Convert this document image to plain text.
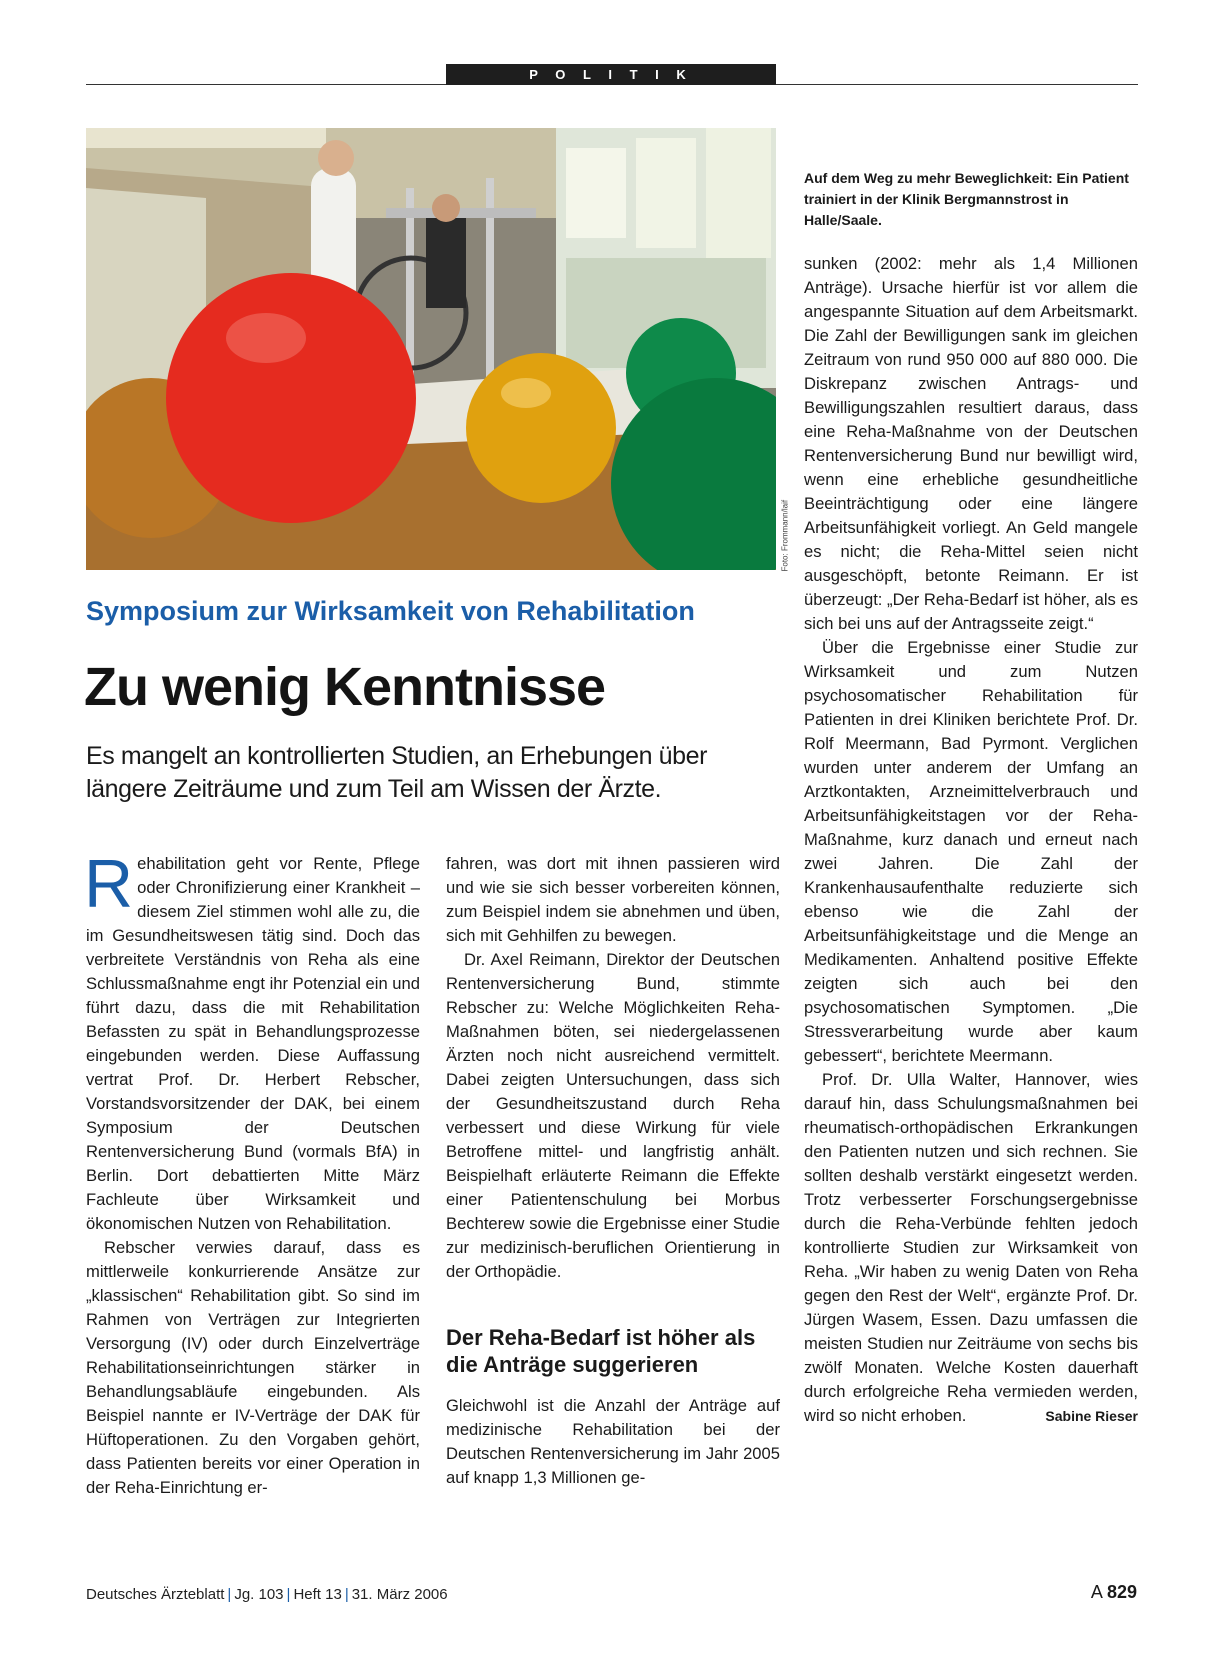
P O L I T I K
Foto: Frommann/laif
Auf dem Weg zu mehr Beweglichkeit: Ein Patient trainiert in der Klinik Bergmannstrost in Halle/Saale.
Symposium zur Wirksamkeit von Rehabilitation
Zu wenig Kenntnisse
Es mangelt an kontrollierten Studien, an Erhebungen über längere Zeiträume und zum Teil am Wissen der Ärzte.

Rehabilitation geht vor Rente, Pflege oder Chronifizierung einer Krankheit – diesem Ziel stimmen wohl alle zu, die im Gesundheitswesen tätig sind. Doch das verbreitete Verständnis von Reha als eine Schlussmaßnahme engt ihr Potenzial ein und führt dazu, dass die mit Rehabilitation Befassten zu spät in Behandlungsprozesse eingebunden werden. Diese Auffassung vertrat Prof. Dr. Herbert Rebscher, Vorstandsvorsitzender der DAK, bei einem Symposium der Deutschen Rentenversicherung Bund (vormals BfA) in Berlin. Dort debattierten Mitte März Fachleute über Wirksamkeit und ökonomischen Nutzen von Rehabilitation.

Rebscher verwies darauf, dass es mittlerweile konkurrierende Ansätze zur „klassischen“ Rehabilitation gibt. So sind im Rahmen von Verträgen zur Integrierten Versorgung (IV) oder durch Einzelverträge Rehabilitationseinrichtungen stärker in Behandlungsabläufe eingebunden. Als Beispiel nannte er IV-Verträge der DAK für Hüftoperationen. Zu den Vorgaben gehört, dass Patienten bereits vor einer Operation in der Reha-Einrichtung er-

fahren, was dort mit ihnen passieren wird und wie sie sich besser vorbereiten können, zum Beispiel indem sie abnehmen und üben, sich mit Gehhilfen zu bewegen.

Dr. Axel Reimann, Direktor der Deutschen Rentenversicherung Bund, stimmte Rebscher zu: Welche Möglichkeiten Reha-Maßnahmen böten, sei niedergelassenen Ärzten noch nicht ausreichend vermittelt. Dabei zeigten Untersuchungen, dass sich der Gesundheitszustand durch Reha verbessert und diese Wirkung für viele Betroffene mittel- und langfristig anhält. Beispielhaft erläuterte Reimann die Effekte einer Patientenschulung bei Morbus Bechterew sowie die Ergebnisse einer Studie zur medizinisch-beruflichen Orientierung in der Orthopädie.

Der Reha-Bedarf ist höher als die Anträge suggerieren

Gleichwohl ist die Anzahl der Anträge auf medizinische Rehabilitation bei der Deutschen Rentenversicherung im Jahr 2005 auf knapp 1,3 Millionen ge-

sunken (2002: mehr als 1,4 Millionen Anträge). Ursache hierfür ist vor allem die angespannte Situation auf dem Arbeitsmarkt. Die Zahl der Bewilligungen sank im gleichen Zeitraum von rund 950 000 auf 880 000. Die Diskrepanz zwischen Antrags- und Bewilligungszahlen resultiert daraus, dass eine Reha-Maßnahme von der Deutschen Rentenversicherung Bund nur bewilligt wird, wenn eine erhebliche gesundheitliche Beeinträchtigung oder eine längere Arbeitsunfähigkeit vorliegt. An Geld mangele es nicht; die Reha-Mittel seien nicht ausgeschöpft, betonte Reimann. Er ist überzeugt: „Der Reha-Bedarf ist höher, als es sich bei uns auf der Antragsseite zeigt.“

Über die Ergebnisse einer Studie zur Wirksamkeit und zum Nutzen psychosomatischer Rehabilitation für Patienten in drei Kliniken berichtete Prof. Dr. Rolf Meermann, Bad Pyrmont. Verglichen wurden unter anderem der Umfang an Arztkontakten, Arzneimittelverbrauch und Arbeitsunfähigkeitstagen vor der Reha-Maßnahme, kurz danach und erneut nach zwei Jahren. Die Zahl der Krankenhausaufenthalte reduzierte sich ebenso wie die Zahl der Arbeitsunfähigkeitstage und die Menge an Medikamenten. Anhaltend positive Effekte zeigten sich auch bei den psychosomatischen Symptomen. „Die Stressverarbeitung wurde aber kaum gebessert“, berichtete Meermann.

Prof. Dr. Ulla Walter, Hannover, wies darauf hin, dass Schulungsmaßnahmen bei rheumatisch-orthopädischen Erkrankungen den Patienten nutzen und sich rechnen. Sie sollten deshalb verstärkt eingesetzt werden. Trotz verbesserter Forschungsergebnisse durch die Reha-Verbünde fehlten jedoch kontrollierte Studien zur Wirksamkeit von Reha. „Wir haben zu wenig Daten von Reha gegen den Rest der Welt“, ergänzte Prof. Dr. Jürgen Wasem, Essen. Dazu umfassen die meisten Studien nur Zeiträume von sechs bis zwölf Monaten. Welche Kosten dauerhaft durch erfolgreiche Reha vermieden werden, wird so nicht erhoben.	Sabine Rieser

Deutsches Ärzteblatt | Jg. 103 | Heft 13 | 31. März 2006	A 829
